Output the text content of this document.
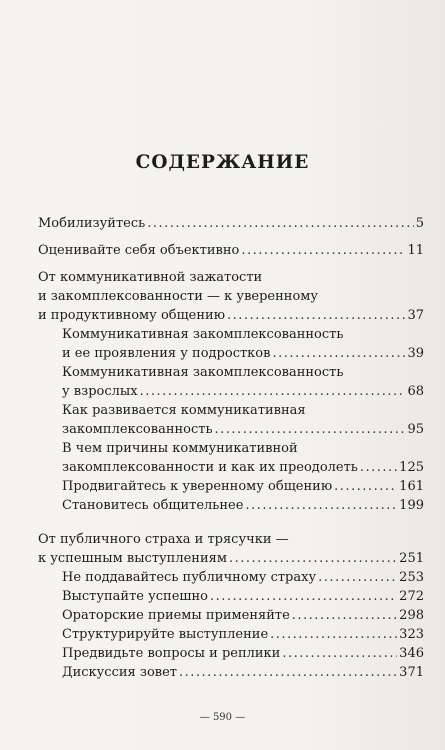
СОДЕРЖАНИЕ
Мобилизуйтесь .....	5
Оценивайте себя объективно .....	11
От коммуникативной зажатости
и закомплексованности — к уверенному
и продуктивному общению .....	37
Коммуникативная закомплексованность
и ее проявления у подростков .....	39
Коммуникативная закомплексованность
у взрослых .....	68
Как развивается коммуникативная
закомплексованность .....	95
В чем причины коммуникативной
закомплексованности и как их преодолеть .....	125
Продвигайтесь к уверенному общению .....	161
Становитесь общительнее .....	199
От публичного страха и трясучки —
к успешным выступлениям .....	251
Не поддавайтесь публичному страху .....	253
Выступайте успешно .....	272
Ораторские приемы применяйте .....	298
Структурируйте выступление .....	323
Предвидьте вопросы и реплики .....	346
Дискуссия зовет .....	371
— 590 —
